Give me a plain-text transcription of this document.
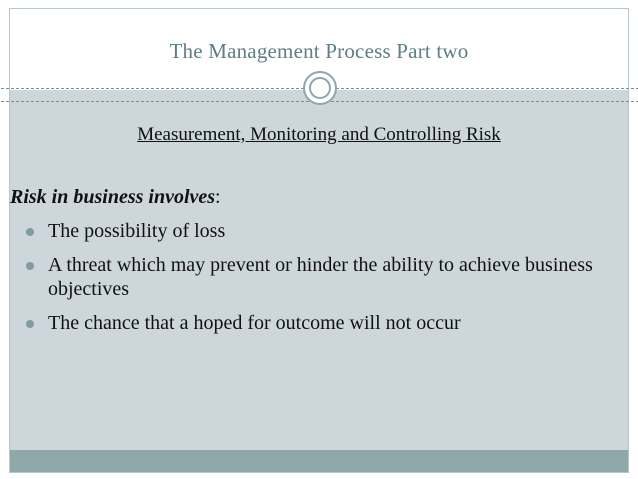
The Management Process Part two
Measurement, Monitoring and Controlling Risk

Risk in business involves:

The possibility of loss
A threat which may prevent or hinder the ability to achieve business objectives
The chance that a hoped for outcome will not occur
